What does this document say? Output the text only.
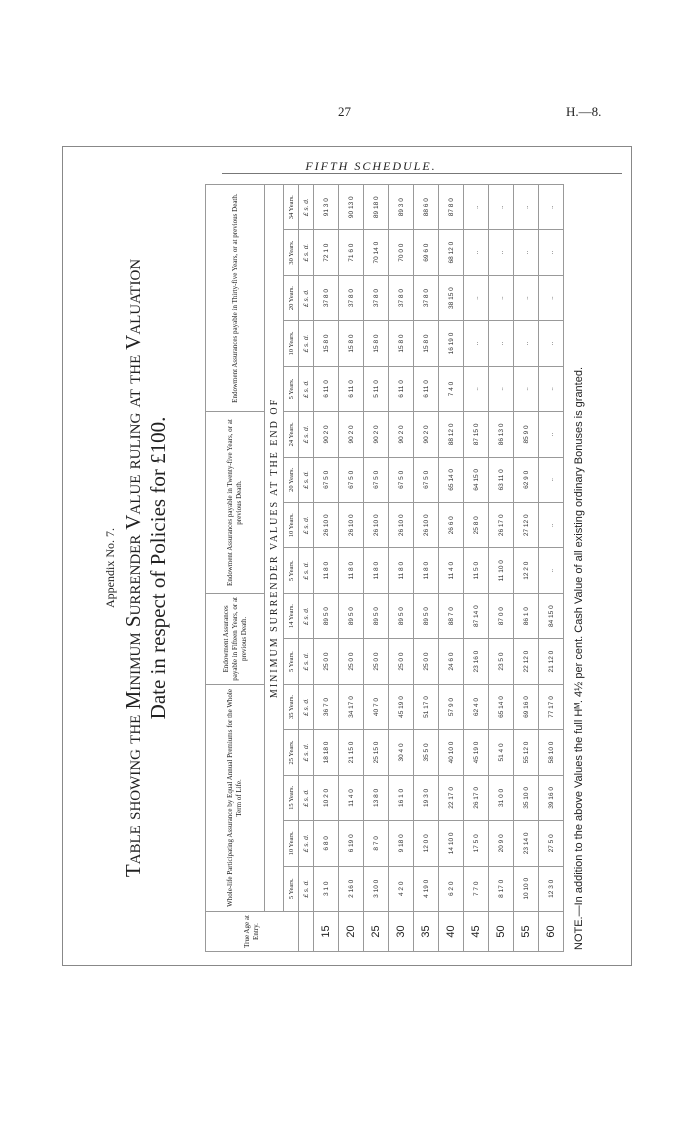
27	H.—8.
FIFTH SCHEDULE.
Appendix No. 7. Table showing the Minimum Surrender Value ruling at the Valuation Date in respect of Policies for £100.
True Age at Entry.	Whole-life Participating Assurance by Equal Annual Premiums for the Whole Term of Life.					Endowment Assurances payable in Fifteen Years, or at previous Death.		Endowment Assurances payable in Twenty-five Years, or at previous Death.				Endowment Assurances payable in Thirty-five Years, or at previous Death.				
	MINIMUM SURRENDER VALUES AT THE END OF															
	5 Years.	10 Years.	15 Years.	25 Years.	35 Years.	5 Years.	14 Years.	5 Years.	10 Years.	20 Years.	24 Years.	5 Years.	10 Years.	20 Years.	30 Years.	34 Years.
	£ s. d.	£ s. d.	£ s. d.	£ s. d.	£ s. d.	£ s. d.	£ s. d.	£ s. d.	£ s. d.	£ s. d.	£ s. d.	£ s. d.	£ s. d.	£ s. d.	£ s. d.	£ s. d.
15	3 1 0	6 8 0	10 2 0	18 18 0	36 7 0	25 0 0	89 5 0	11 8 0	26 10 0	67 5 0	90 2 0	6 11 0	15 8 0	37 8 0	72 1 0	91 3 0
20	2 16 0	6 19 0	11 4 0	21 15 0	34 17 0	25 0 0	89 5 0	11 8 0	26 10 0	67 5 0	90 2 0	6 11 0	15 8 0	37 8 0	71 6 0	90 13 0
25	3 10 0	8 7 0	13 8 0	25 15 0	40 7 0	25 0 0	89 5 0	11 8 0	26 10 0	67 5 0	90 2 0	5 11 0	15 8 0	37 8 0	70 14 0	89 18 0
30	4 2 0	9 18 0	16 1 0	30 4 0	45 19 0	25 0 0	89 5 0	11 8 0	26 10 0	67 5 0	90 2 0	6 11 0	15 8 0	37 8 0	70 0 0	89 3 0
35	4 19 0	12 0 0	19 3 0	35 5 0	51 17 0	25 0 0	89 5 0	11 8 0	26 10 0	67 5 0	90 2 0	6 11 0	15 8 0	37 8 0	69 6 0	88 6 0
40	6 2 0	14 10 0	22 17 0	40 10 0	57 9 0	24 6 0	88 7 0	11 4 0	26 6 0	65 14 0	88 12 0	7 4 0	16 19 0	38 15 0	68 12 0	87 8 0
45	7 7 0	17 5 0	26 17 0	45 19 0	62 4 0	23 16 0	87 14 0	11 5 0	25 8 0	64 15 0	87 15 0	..	..	..	..	..
50	8 17 0	20 9 0	31 0 0	51 4 0	65 14 0	23 5 0	87 0 0	11 10 0	26 17 0	63 11 0	86 13 0	..	..	..	..	..
55	10 10 0	23 14 0	35 10 0	55 12 0	69 16 0	22 12 0	86 1 0	12 2 0	27 12 0	62 9 0	85 9 0	..	..	..	..	..
60	12 3 0	27 5 0	39 16 0	58 10 0	77 17 0	21 12 0	84 15 0	..	..	..	..	..	..	..	..	..
NOTE.—In addition to the above Values the full Hᴹ. 4½ per cent. Cash Value of all existing ordinary Bonuses is granted.
